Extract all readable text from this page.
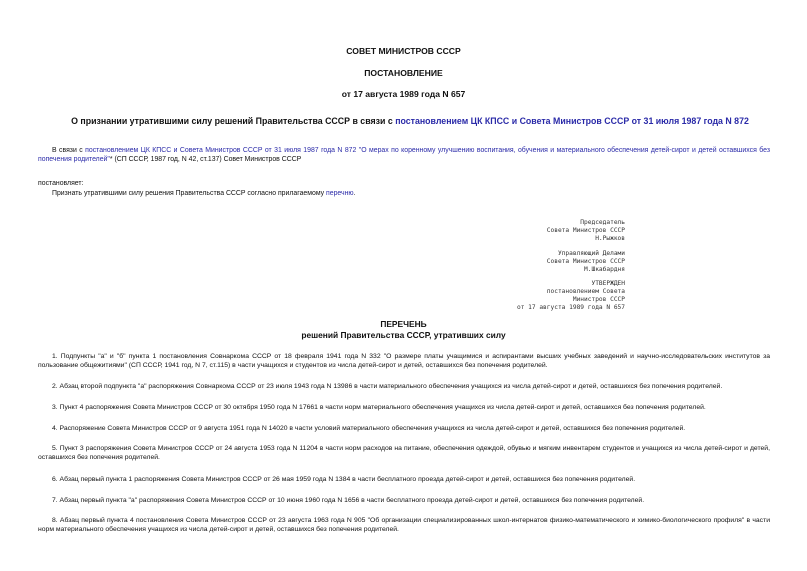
СОВЕТ МИНИСТРОВ СССР
ПОСТАНОВЛЕНИЕ
от 17 августа 1989 года N 657
О признании утратившими силу решений Правительства СССР в связи с постановлением ЦК КПСС и Совета Министров СССР от 31 июля 1987 года N 872
В связи с постановлением ЦК КПСС и Совета Министров СССР от 31 июля 1987 года N 872 "О мерах по коренному улучшению воспитания, обучения и материального обеспечения детей-сирот и детей оставшихся без попечения родителей"* (СП СССР, 1987 год, N 42, ст.137) Совет Министров СССР
постановляет:
Признать утратившими силу решения Правительства СССР согласно прилагаемому перечню.
Председатель
Совета Министров СССР
Н.Рыжков
Управляющий Делами
Совета Министров СССР
М.Шкабардня
УТВЕРЖДЕН
постановлением Совета
Министров СССР
от 17 августа 1989 года N 657
ПЕРЕЧЕНЬ
решений Правительства СССР, утративших силу
1. Подпункты "а" и "б" пункта 1 постановления Совнаркома СССР от 18 февраля 1941 года N 332 "О размере платы учащимися и аспирантами высших учебных заведений и научно-исследовательских институтов за пользование общежитиями" (СП СССР, 1941 год, N 7, ст.115) в части учащихся и студентов из числа детей-сирот и детей, оставшихся без попечения родителей.
2. Абзац второй подпункта "а" распоряжения Совнаркома СССР от 23 июля 1943 года N 13986 в части материального обеспечения учащихся из числа детей-сирот и детей, оставшихся без попечения родителей.
3. Пункт 4 распоряжения Совета Министров СССР от 30 октября 1950 года N 17661 в части норм материального обеспечения учащихся из числа детей-сирот и детей, оставшихся без попечения родителей.
4. Распоряжение Совета Министров СССР от 9 августа 1951 года N 14020 в части условий материального обеспечения учащихся из числа детей-сирот и детей, оставшихся без попечения родителей.
5. Пункт 3 распоряжения Совета Министров СССР от 24 августа 1953 года N 11204 в части норм расходов на питание, обеспечения одеждой, обувью и мягким инвентарем студентов и учащихся из числа детей-сирот и детей, оставшихся без попечения родителей.
6. Абзац первый пункта 1 распоряжения Совета Министров СССР от 26 мая 1959 года N 1384 в части бесплатного проезда детей-сирот и детей, оставшихся без попечения родителей.
7. Абзац первый пункта "а" распоряжения Совета Министров СССР от 10 июня 1960 года N 1656 в части бесплатного проезда детей-сирот и детей, оставшихся без попечения родителей.
8. Абзац первый пункта 4 постановления Совета Министров СССР от 23 августа 1963 года N 905 "Об организации специализированных школ-интернатов физико-математического и химико-биологического профиля" в части норм материального обеспечения учащихся из числа детей-сирот и детей, оставшихся без попечения родителей.
